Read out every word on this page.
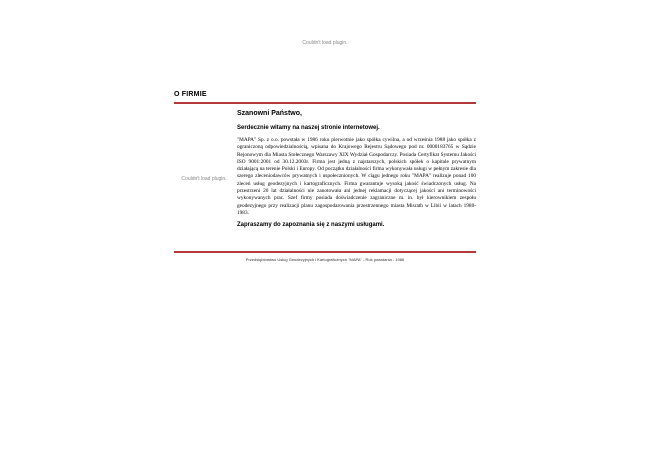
Couldn't load plugin.
O FIRMIE
Couldn't load plugin.

Szanowni Państwo,

Serdecznie witamy na naszej stronie internetowej.

"MAPA" Sp. z o.o. powstała w 1986 roku pierwotnie jako spółka cywilna, a od września 1988 jako spółka z ograniczoną odpowiedzialnością, wpisana do Krajowego Rejestru Sądowego pod nr. 0000183765 w Sądzie Rejonowym dla Miasta Stołecznego Warszawy XIX Wydział Gospodarczy. Posiada Certyfikat Systemu Jakości ISO 9001:2001 od 30.12.2003r. Firma jest jedną z najstarszych, polskich spółek o kapitale prywatnym działającą na terenie Polski i Europy. Od początku działalności firma wykonywała usługi w pełnym zakresie dla szerego zleceniodawców prywatnych i uspołecznionych. W ciągu jednego roku "MAPA" realizuje ponad 100 zleceń usług geodezyjnych i kartograficznych. Firma gwarantuje wysoką jakość świadczonych usług. Na przestrzeni 20 lat działalności nie zanotowała ani jednej reklamacji dotyczącej jakości ani terminowości wykonywanych prac. Szef firmy posiada doświadczenie zagraniczne m. in. był kierownikiem zespołu geodezyjnego przy realizacji planu zagospodarowania przestrzennego miasta Misrath w Libii w latach 1980-1983.

Zapraszamy do zapoznania się z naszymi usługami.

Przedsiębiorstwo Usług Geodezyjnych i Kartograficznych "MAPA" - Rok powstania - 1986
